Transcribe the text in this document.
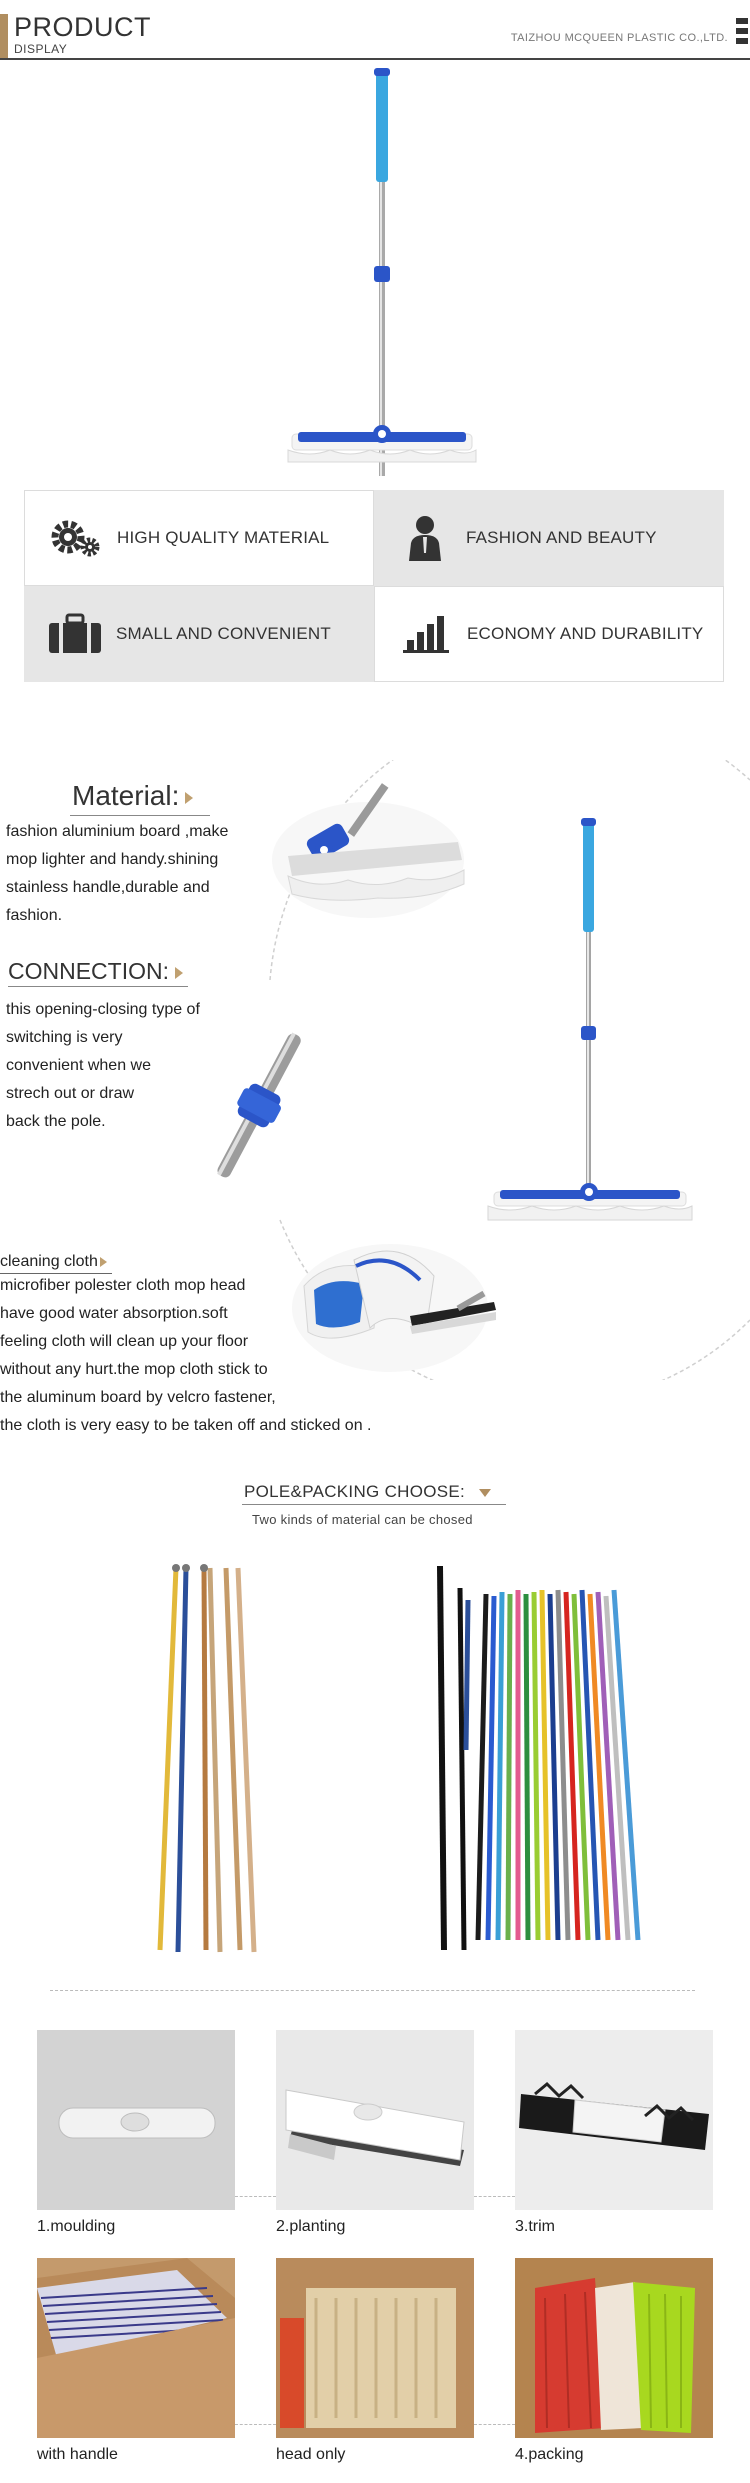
PRODUCT
DISPLAY
TAIZHOU MCQUEEN PLASTIC CO.,LTD.
HIGH QUALITY MATERIAL	FASHION AND BEAUTY
SMALL AND CONVENIENT	ECONOMY AND DURABILITY
Material:
fashion aluminium board ,make
mop lighter and handy.shining
stainless handle,durable and
fashion.
CONNECTION:
this opening-closing type of
switching is very
convenient when we
strech out or draw
back the pole.
cleaning cloth
microfiber polester cloth mop head
have good water absorption.soft
feeling cloth will clean up your floor
without any hurt.the mop cloth stick to
the aluminum board by velcro fastener,
the cloth is very easy to be taken off and sticked on .
POLE&PACKING CHOOSE:
Two kinds of material can be chosed
1.moulding	2.planting	3.trim
with handle	head only	4.packing
